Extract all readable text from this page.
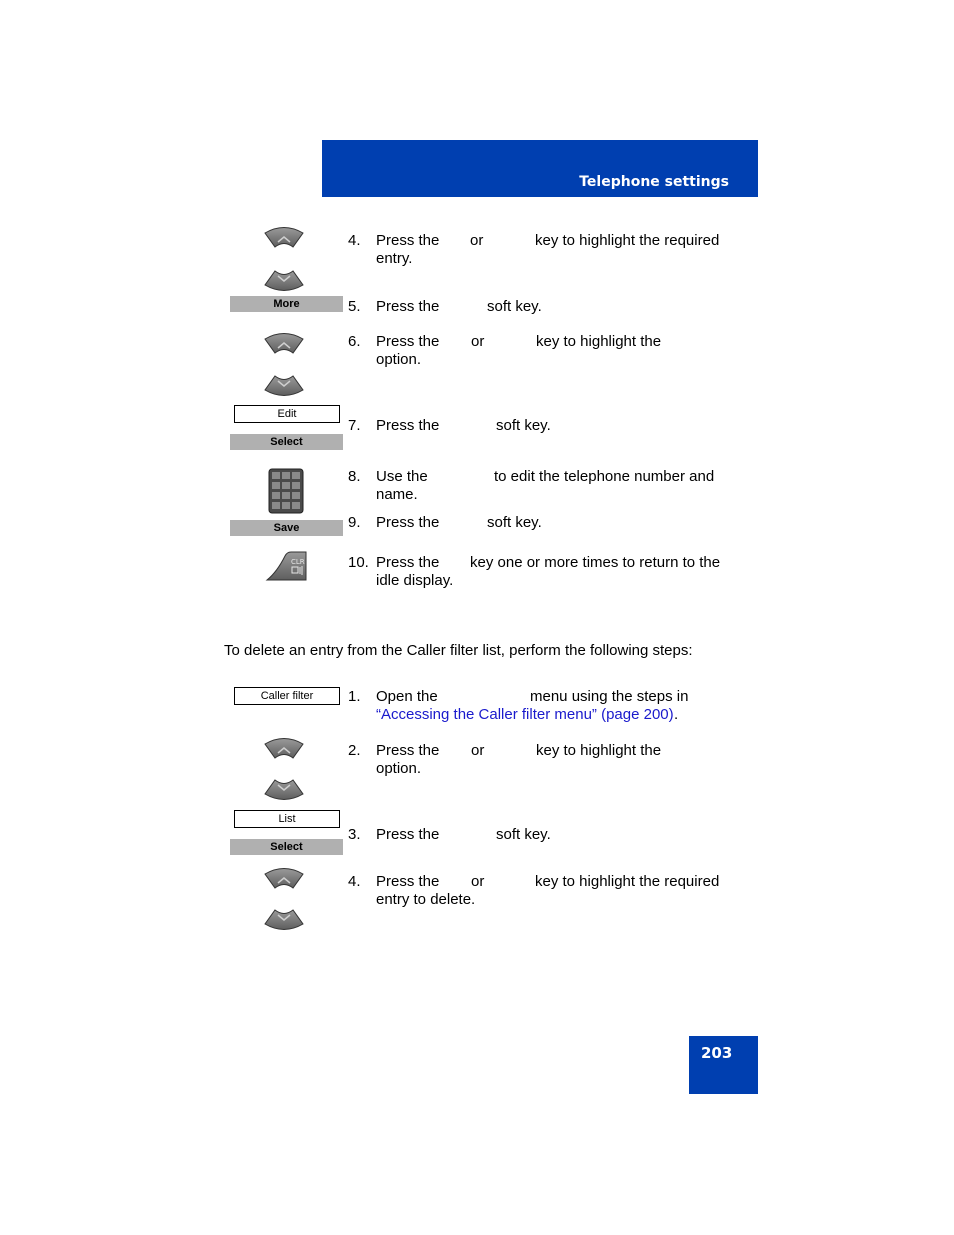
Telephone settings
More
Edit
Select
Save
CLR
4. Press the or	key to highlight the required
entry.
5. Press the	soft key.
6. Press the or	key to highlight the
option.
7. Press the	soft key.
8. Use the	to edit the telephone number and
name.
9. Press the	soft key.
10. Press the key one or more times to return to the
idle display.
To delete an entry from the Caller filter list, perform the following steps:
Caller filter
List
Select
1. Open the	menu using the steps in
“Accessing the Caller filter menu” (page 200) .
2. Press the or	key to highlight the
option.
3. Press the	soft key.
4. Press the or	key to highlight the required
entry to delete.
203
